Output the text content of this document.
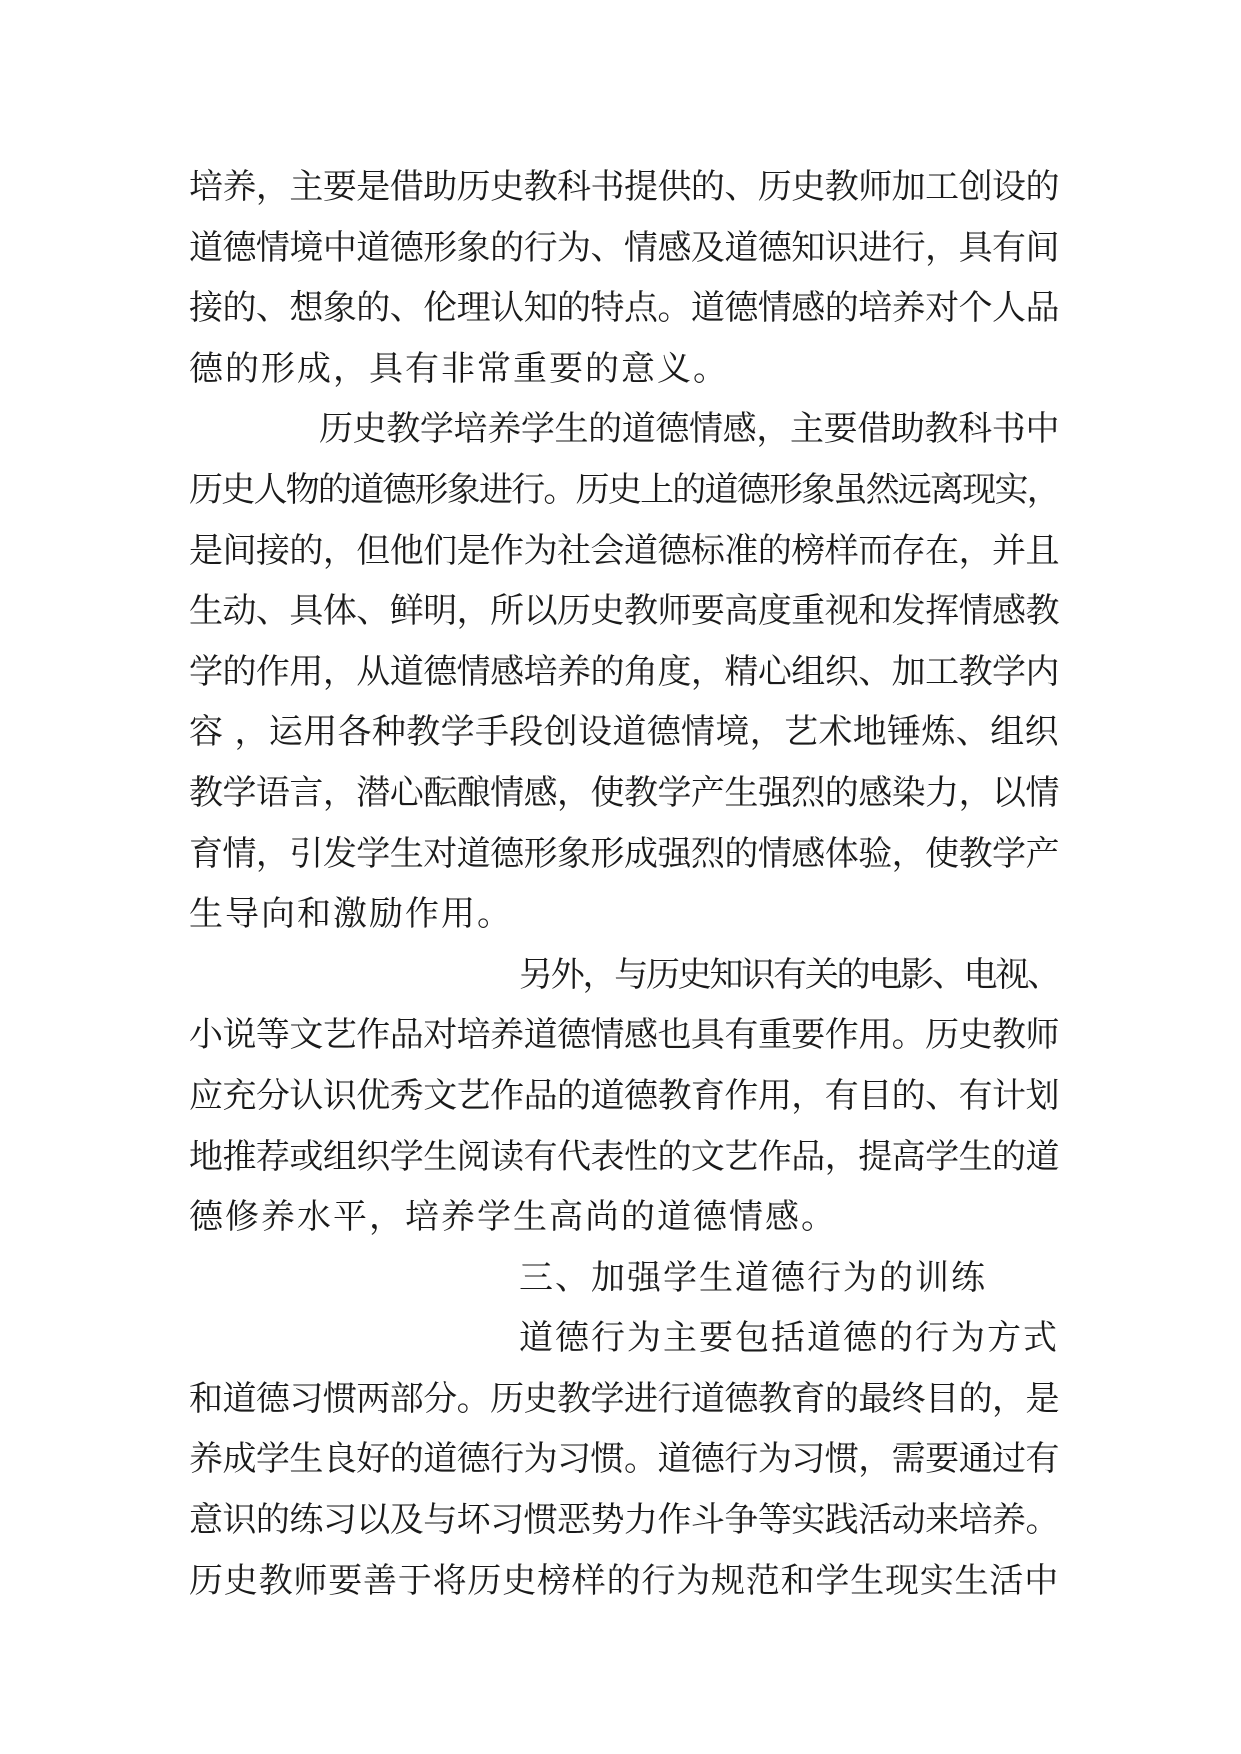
培养，主要是借助历史教科书提供的、历史教师加工创设的
道德情境中道德形象的行为、情感及道德知识进行，具有间
接的、想象的、伦理认知的特点。道德情感的培养对个人品
德的形成，具有非常重要的意义。
历史教学培养学生的道德情感，主要借助教科书中
历史人物的道德形象进行。历史上的道德形象虽然远离现实，
是间接的，但他们是作为社会道德标准的榜样而存在，并且
生动、具体、鲜明，所以历史教师要高度重视和发挥情感教
学的作用，从道德情感培养的角度，精心组织、加工教学内
容 ，运用各种教学手段创设道德情境，艺术地锤炼、组织
教学语言，潜心酝酿情感，使教学产生强烈的感染力，以情
育情，引发学生对道德形象形成强烈的情感体验，使教学产
生导向和激励作用。
另外，与历史知识有关的电影、电视、
小说等文艺作品对培养道德情感也具有重要作用。历史教师
应充分认识优秀文艺作品的道德教育作用，有目的、有计划
地推荐或组织学生阅读有代表性的文艺作品，提高学生的道
德修养水平，培养学生高尚的道德情感。
三、加强学生道德行为的训练
道德行为主要包括道德的行为方式
和道德习惯两部分。历史教学进行道德教育的最终目的，是
养成学生良好的道德行为习惯。道德行为习惯，需要通过有
意识的练习以及与坏习惯恶势力作斗争等实践活动来培养。
历史教师要善于将历史榜样的行为规范和学生现实生活中
